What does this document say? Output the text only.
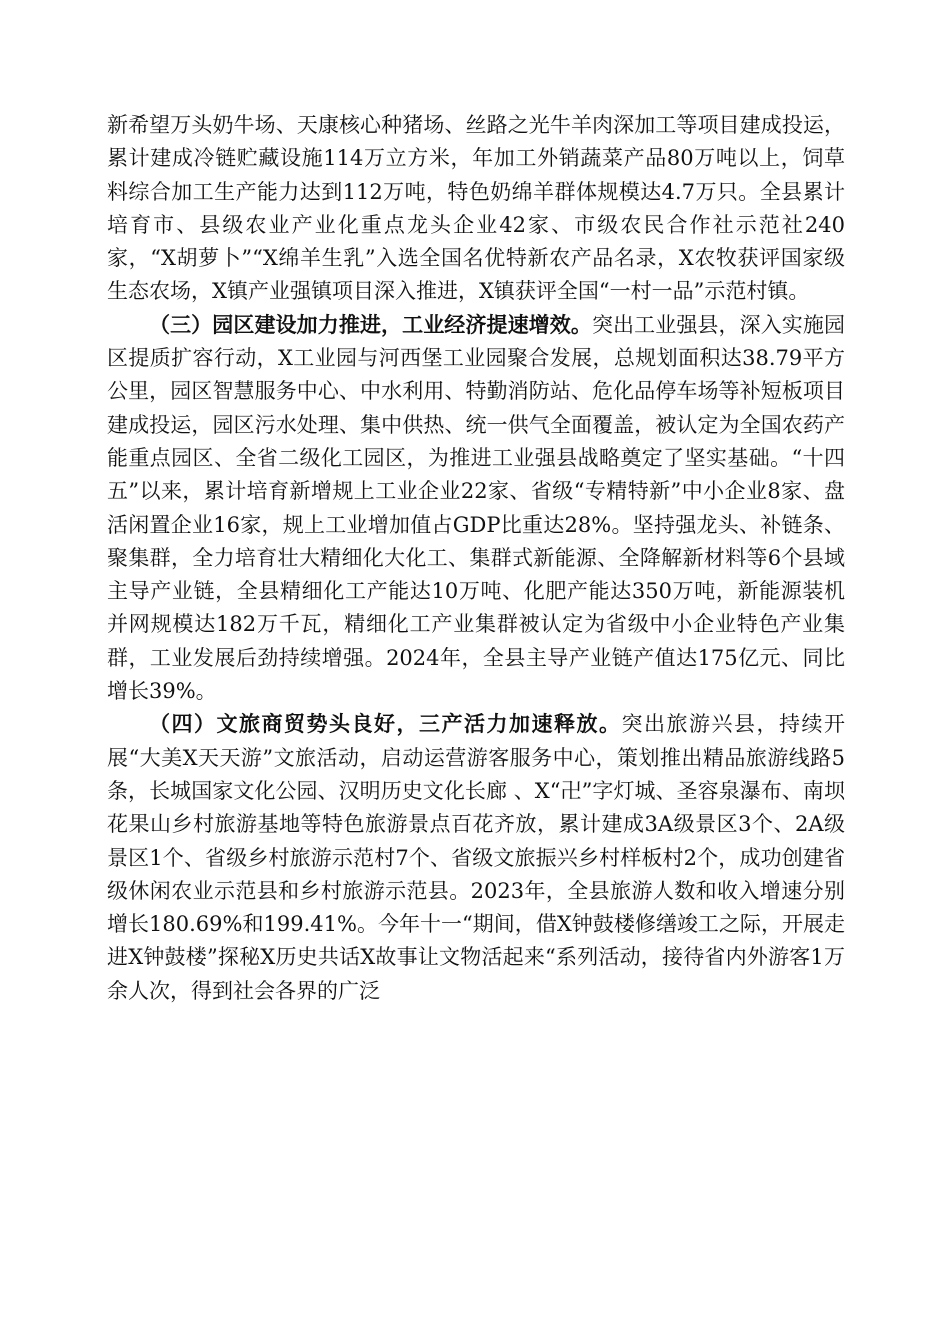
新希望万头奶牛场、天康核心种猪场、丝路之光牛羊肉深加工等项目建成投运，累计建成冷链贮藏设施114万立方米，年加工外销蔬菜产品80万吨以上，饲草料综合加工生产能力达到112万吨，特色奶绵羊群体规模达4.7万只。全县累计培育市、县级农业产业化重点龙头企业42家、市级农民合作社示范社240家，“X胡萝卜”“X绵羊生乳”入选全国名优特新农产品名录，X农牧获评国家级生态农场，X镇产业强镇项目深入推进，X镇获评全国“一村一品”示范村镇。

（三）园区建设加力推进，工业经济提速增效。突出工业强县，深入实施园区提质扩容行动，X工业园与河西堡工业园聚合发展，总规划面积达38.79平方公里，园区智慧服务中心、中水利用、特勤消防站、危化品停车场等补短板项目建成投运，园区污水处理、集中供热、统一供气全面覆盖，被认定为全国农药产能重点园区、全省二级化工园区，为推进工业强县战略奠定了坚实基础。“十四五”以来，累计培育新增规上工业企业22家、省级“专精特新”中小企业8家、盘活闲置企业16家，规上工业增加值占GDP比重达28%。坚持强龙头、补链条、聚集群，全力培育壮大精细化大化工、集群式新能源、全降解新材料等6个县域主导产业链，全县精细化工产能达10万吨、化肥产能达350万吨，新能源装机并网规模达182万千瓦，精细化工产业集群被认定为省级中小企业特色产业集群，工业发展后劲持续增强。2024年，全县主导产业链产值达175亿元、同比增长39%。

（四）文旅商贸势头良好，三产活力加速释放。突出旅游兴县，持续开展“大美X天天游”文旅活动，启动运营游客服务中心，策划推出精品旅游线路5条，长城国家文化公园、汉明历史文化长廊 、X“卍”字灯城、圣容泉瀑布、南坝花果山乡村旅游基地等特色旅游景点百花齐放，累计建成3A级景区3个、2A级景区1个、省级乡村旅游示范村7个、省级文旅振兴乡村样板村2个，成功创建省级休闲农业示范县和乡村旅游示范县。2023年，全县旅游人数和收入增速分别增长180.69%和199.41%。今年十一“期间，借X钟鼓楼修缮竣工之际，开展走进X钟鼓楼”探秘X历史共话X故事让文物活起来“系列活动，接待省内外游客1万余人次，得到社会各界的广泛
